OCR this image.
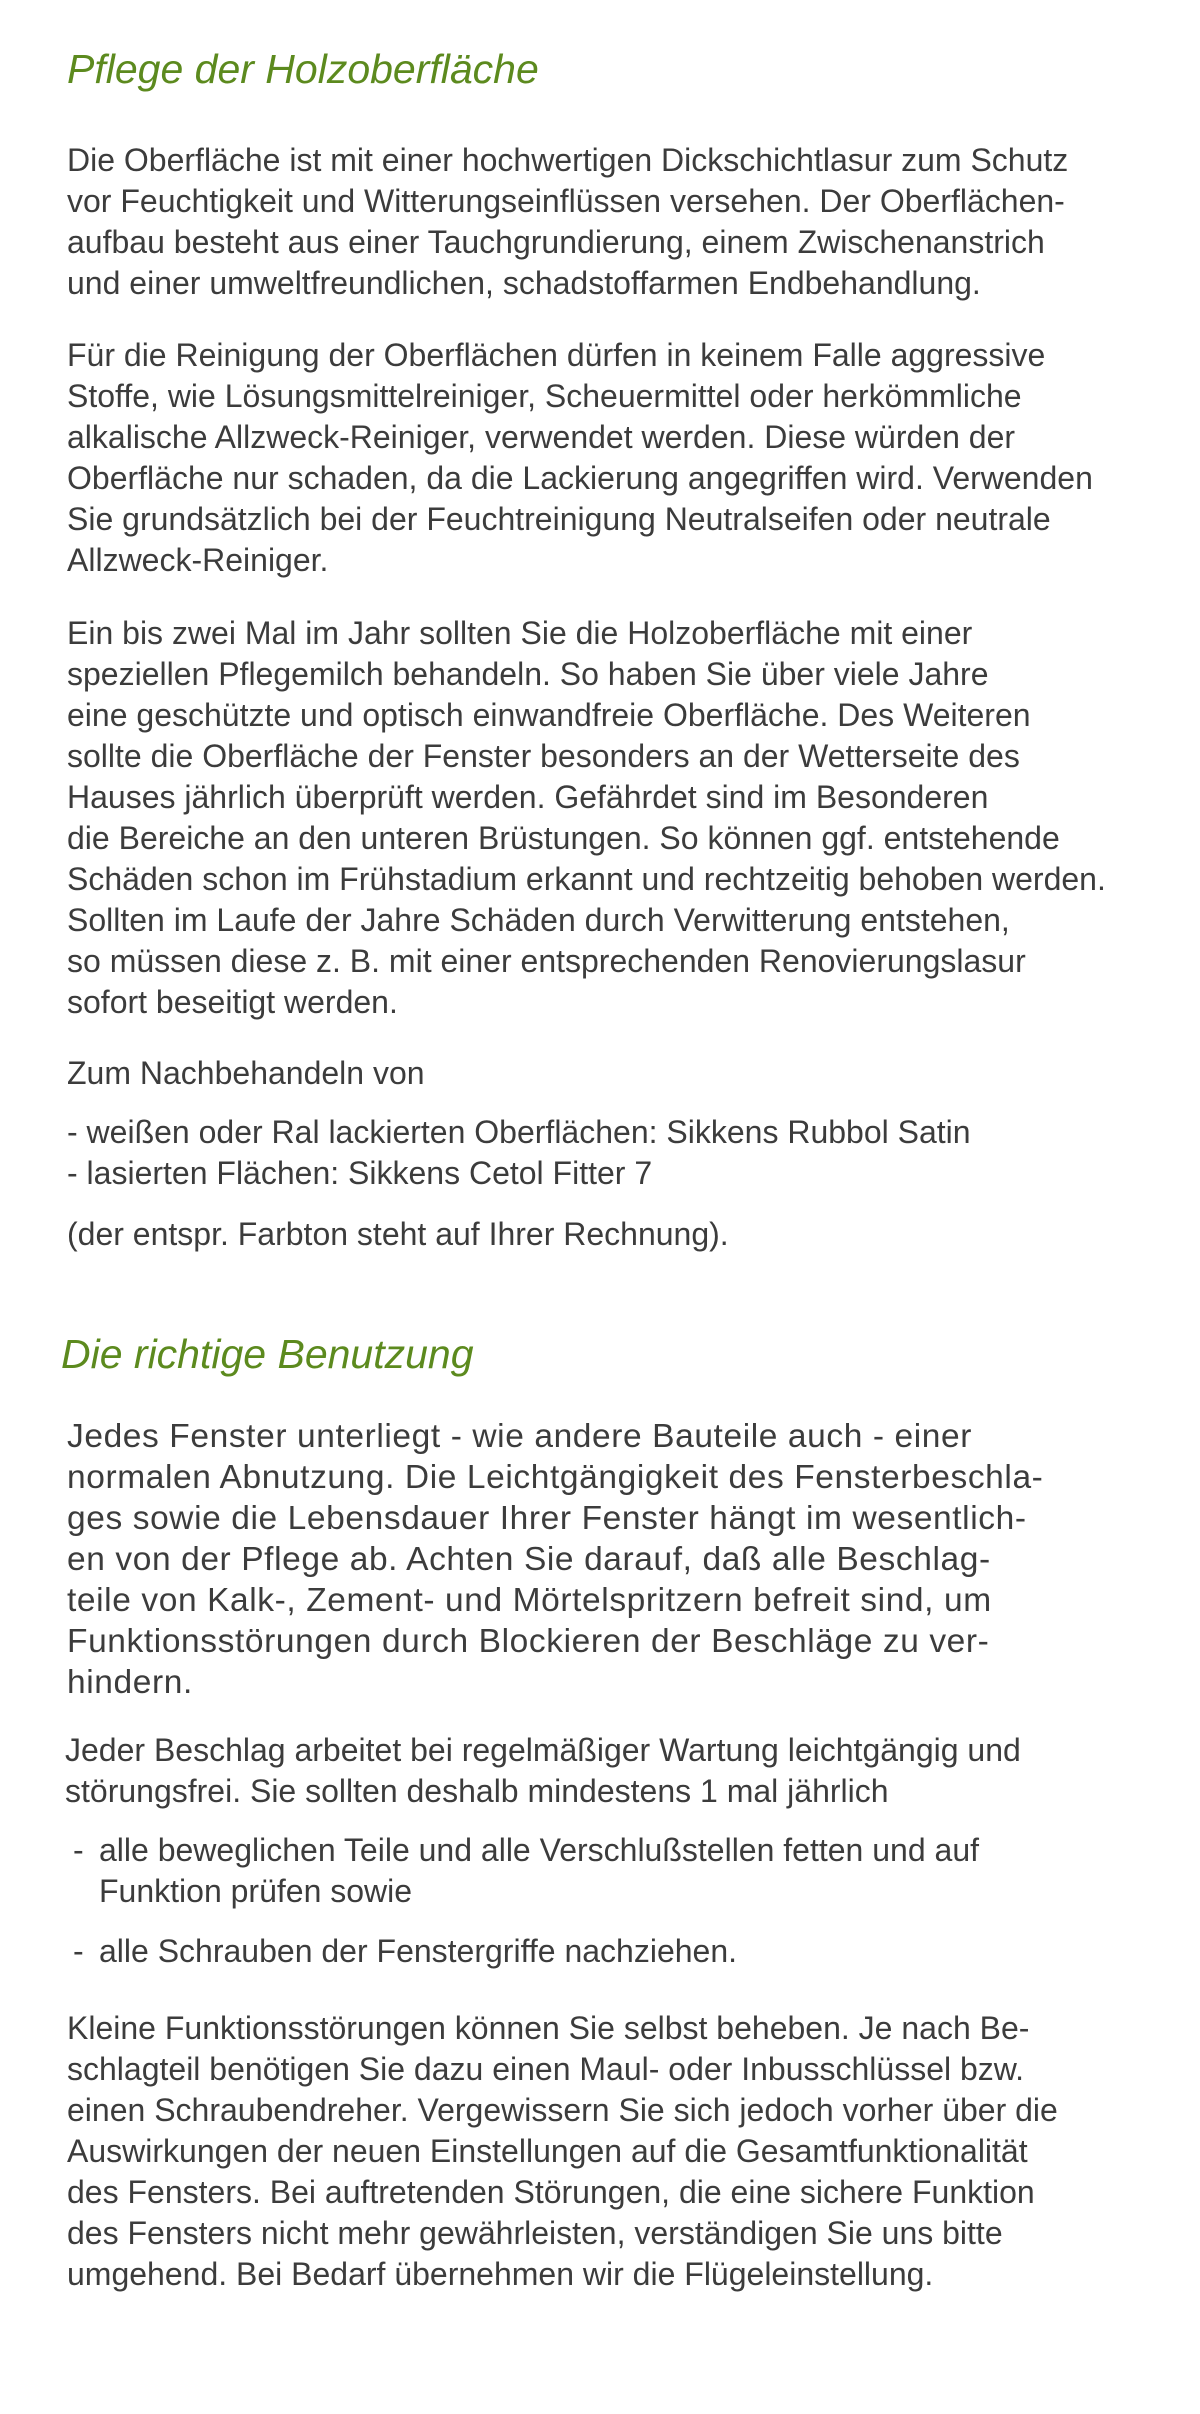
Pflege der Holzoberfläche

Die Oberfläche ist mit einer hochwertigen Dickschichtlasur zum Schutz
vor Feuchtigkeit und Witterungseinflüssen versehen. Der Oberflächen-
aufbau besteht aus einer Tauchgrundierung, einem Zwischenanstrich
und einer umweltfreundlichen, schadstoffarmen Endbehandlung.

Für die Reinigung der Oberflächen dürfen in keinem Falle aggressive
Stoffe, wie Lösungsmittelreiniger, Scheuermittel oder herkömmliche
alkalische Allzweck-Reiniger, verwendet werden. Diese würden der
Oberfläche nur schaden, da die Lackierung angegriffen wird. Verwenden
Sie grundsätzlich bei der Feuchtreinigung Neutralseifen oder neutrale
Allzweck-Reiniger.

Ein bis zwei Mal im Jahr sollten Sie die Holzoberfläche mit einer
speziellen Pflegemilch behandeln. So haben Sie über viele Jahre
eine geschützte und optisch einwandfreie Oberfläche. Des Weiteren
sollte die Oberfläche der Fenster besonders an der Wetterseite des
Hauses jährlich überprüft werden. Gefährdet sind im Besonderen
die Bereiche an den unteren Brüstungen. So können ggf. entstehende
Schäden schon im Frühstadium erkannt und rechtzeitig behoben werden.
Sollten im Laufe der Jahre Schäden durch Verwitterung entstehen,
so müssen diese z. B. mit einer entsprechenden Renovierungslasur
sofort beseitigt werden.

Zum Nachbehandeln von

- weißen oder Ral lackierten Oberflächen: Sikkens Rubbol Satin
- lasierten Flächen: Sikkens Cetol Fitter 7

(der entspr. Farbton steht auf Ihrer Rechnung).

Die richtige Benutzung

Jedes Fenster unterliegt - wie andere Bauteile auch - einer
normalen Abnutzung. Die Leichtgängigkeit des Fensterbeschla-
ges sowie die Lebensdauer Ihrer Fenster hängt im wesentlich-
en von der Pflege ab. Achten Sie darauf, daß alle Beschlag-
teile von Kalk-, Zement- und Mörtelspritzern befreit sind, um
Funktionsstörungen durch Blockieren der Beschläge zu ver-
hindern.

Jeder Beschlag arbeitet bei regelmäßiger Wartung leichtgängig und
störungsfrei. Sie sollten deshalb mindestens 1 mal jährlich

- alle beweglichen Teile und alle Verschlußstellen fetten und auf
Funktion prüfen sowie
- alle Schrauben der Fenstergriffe nachziehen.

Kleine Funktionsstörungen können Sie selbst beheben. Je nach Be-
schlagteil benötigen Sie dazu einen Maul- oder Inbusschlüssel bzw.
einen Schraubendreher. Vergewissern Sie sich jedoch vorher über die
Auswirkungen der neuen Einstellungen auf die Gesamtfunktionalität
des Fensters. Bei auftretenden Störungen, die eine sichere Funktion
des Fensters nicht mehr gewährleisten, verständigen Sie uns bitte
umgehend. Bei Bedarf übernehmen wir die Flügeleinstellung.
